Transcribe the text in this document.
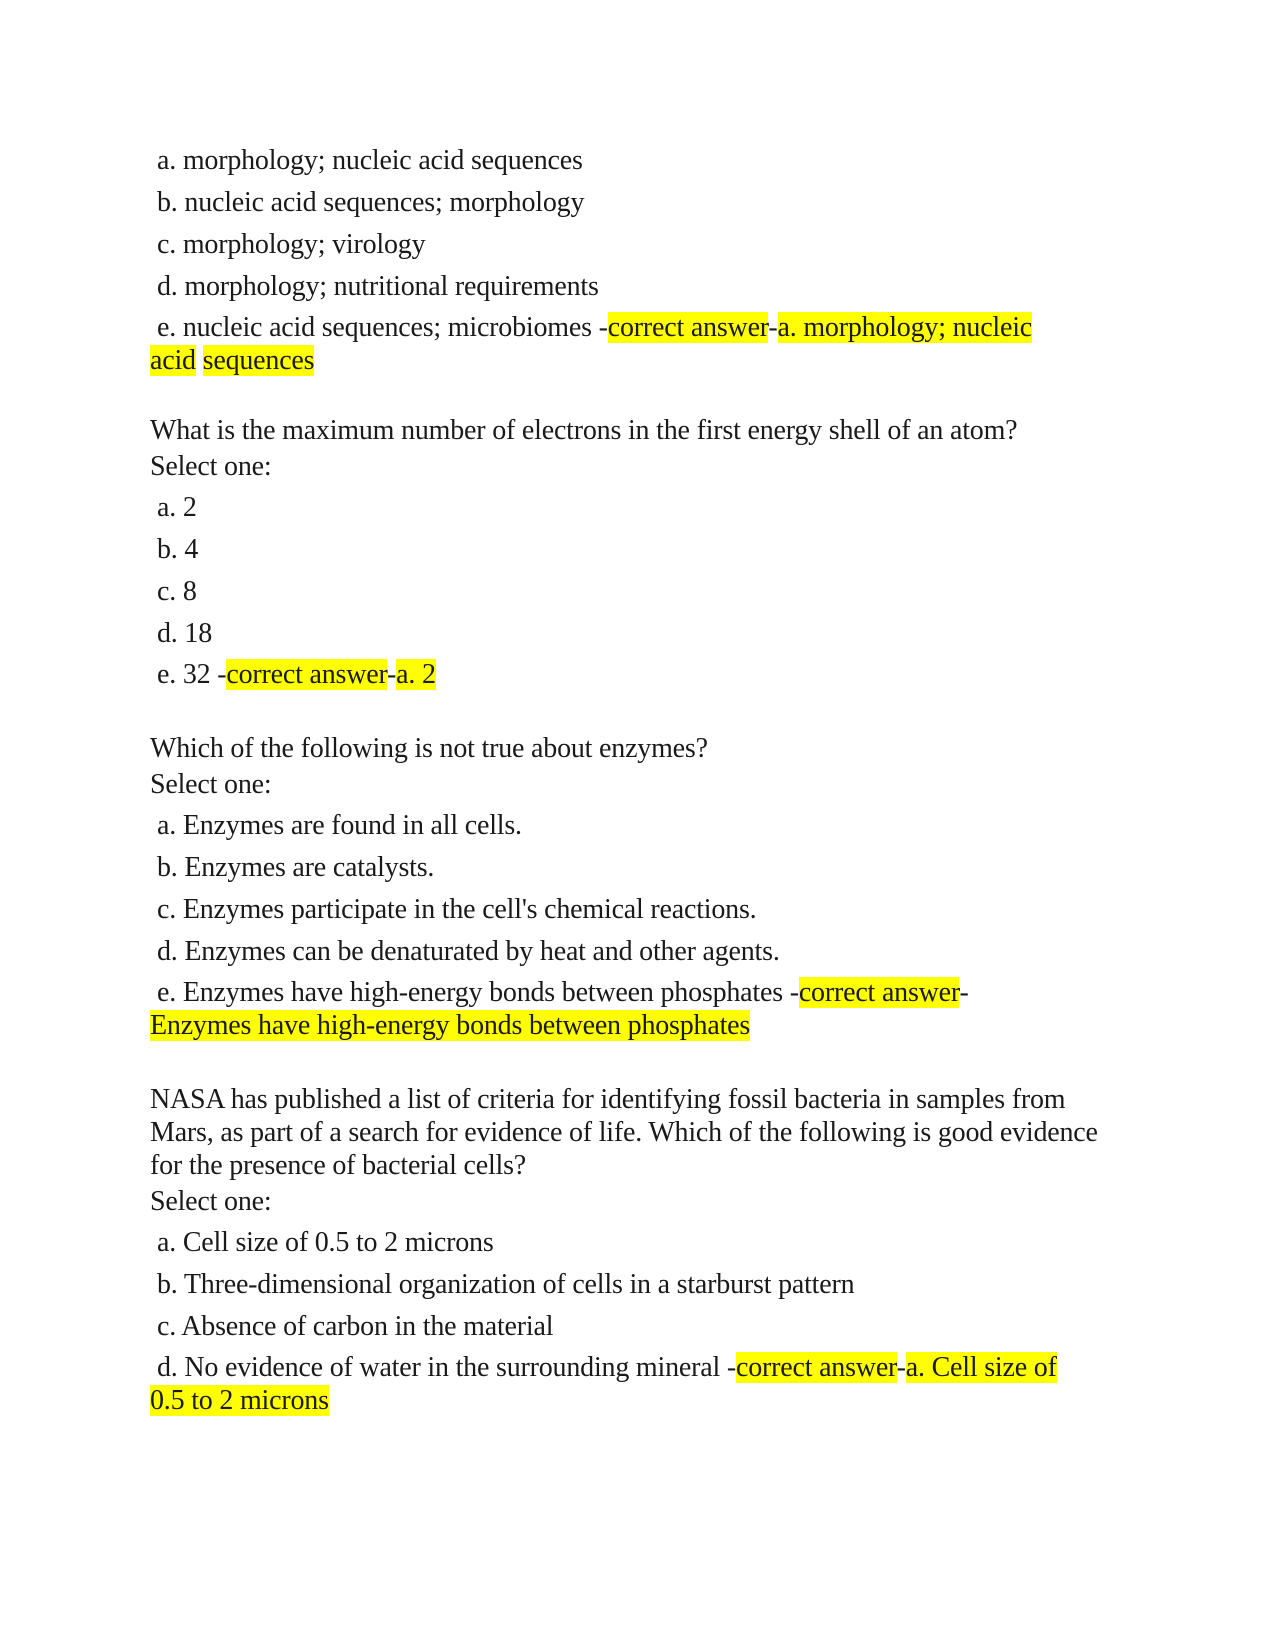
a. morphology; nucleic acid sequences
b. nucleic acid sequences; morphology
c. morphology; virology
d. morphology; nutritional requirements
e. nucleic acid sequences; microbiomes -correct answer-a. morphology; nucleic
acid sequences
What is the maximum number of electrons in the first energy shell of an atom?
Select one:
a. 2
b. 4
c. 8
d. 18
e. 32 -correct answer-a. 2
Which of the following is not true about enzymes?
Select one:
a. Enzymes are found in all cells.
b. Enzymes are catalysts.
c. Enzymes participate in the cell's chemical reactions.
d. Enzymes can be denaturated by heat and other agents.
e. Enzymes have high-energy bonds between phosphates -correct answer-
Enzymes have high-energy bonds between phosphates
NASA has published a list of criteria for identifying fossil bacteria in samples from Mars, as part of a search for evidence of life. Which of the following is good evidence for the presence of bacterial cells?
Select one:
a. Cell size of 0.5 to 2 microns
b. Three-dimensional organization of cells in a starburst pattern
c. Absence of carbon in the material
d. No evidence of water in the surrounding mineral -correct answer-a. Cell size of
0.5 to 2 microns
